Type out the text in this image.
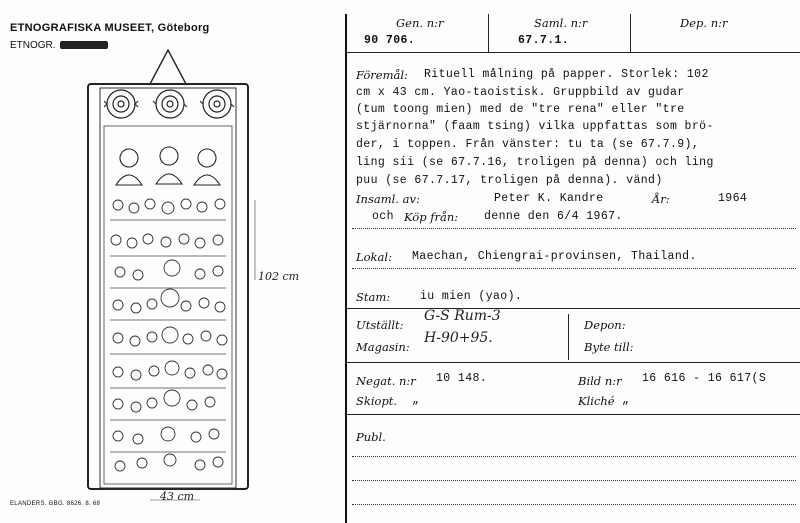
ETNOGRAFISKA MUSEET, Göteborg
ETNOGR.
102 cm
43 cm
ELANDERS. GBG. 8626. 8. 68
Gen. n:r
90 706.
Saml. n:r
67.7.1.
Dep. n:r
Föremål: Rituell målning på papper. Storlek: 102
cm x 43 cm. Yao-taoistisk. Gruppbild av gudar
(tum toong mien) med de "tre rena" eller "tre
stjärnorna" (faam tsing) vilka uppfattas som brö-
der, i toppen. Från vänster: tu ta (se 67.7.9),
ling sii (se 67.7.16, troligen på denna) och ling
puu (se 67.7.17, troligen på denna). vänd)
Insaml. av:	Peter K. Kandre	År:	1964
och Köp från: denne den 6/4 1967.
Lokal: Maechan, Chiengrai-provinsen, Thailand.
Stam:	iu mien (yao).
Utställt:
G-S Rum-3
Magasin:
H-90+95.
Depon:
Byte till:
Negat. n:r 10 148.	Bild n:r 16 616 - 16 617(S
Skiopt. „	Kliché „
Publ.
